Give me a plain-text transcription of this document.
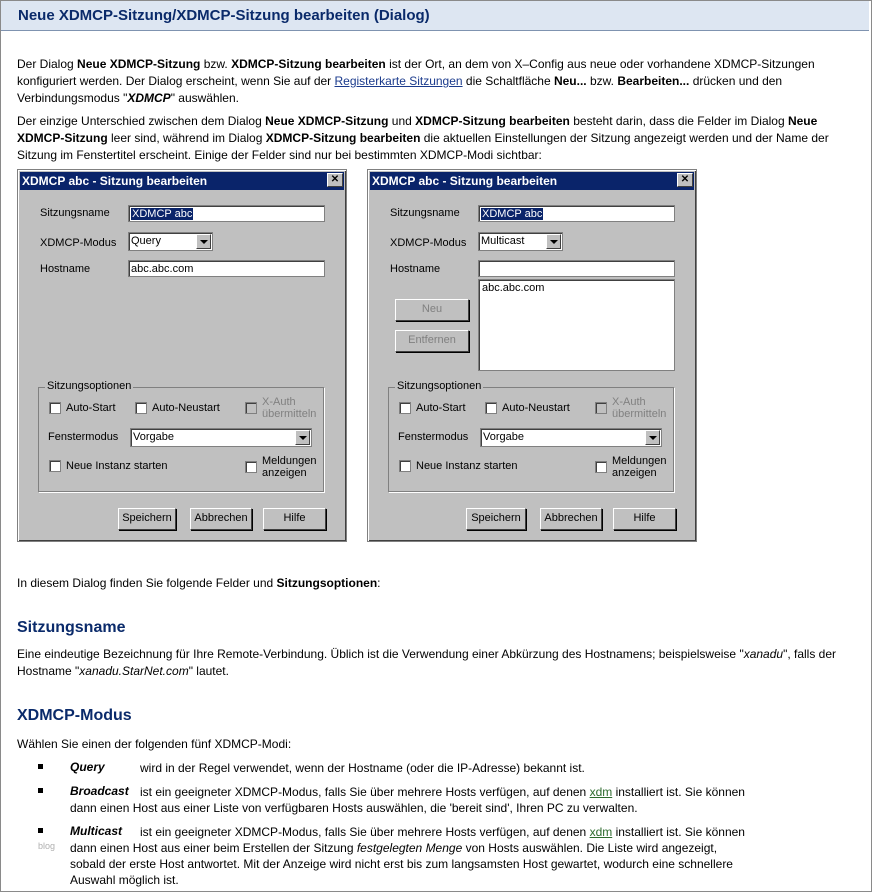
Neue XDMCP-Sitzung/XDMCP-Sitzung bearbeiten (Dialog)
Der Dialog Neue XDMCP-Sitzung bzw. XDMCP-Sitzung bearbeiten ist der Ort, an dem von X–Config aus neue oder vorhandene XDMCP-Sitzungen konfiguriert werden. Der Dialog erscheint, wenn Sie auf der Registerkarte Sitzungen die Schaltfläche Neu... bzw. Bearbeiten... drücken und den Verbindungsmodus "XDMCP" auswählen.
Der einzige Unterschied zwischen dem Dialog Neue XDMCP-Sitzung und XDMCP-Sitzung bearbeiten besteht darin, dass die Felder im Dialog Neue XDMCP-Sitzung leer sind, während im Dialog XDMCP-Sitzung bearbeiten die aktuellen Einstellungen der Sitzung angezeigt werden und der Name der Sitzung im Fenstertitel erscheint. Einige der Felder sind nur bei bestimmten XDMCP-Modi sichtbar:
XDMCP abc - Sitzung bearbeiten	✕
Sitzungsname	XDMCP abc
XDMCP-Modus Query
Hostname	abc.abc.com
Sitzungsoptionen
Auto-Start	Auto-Neustart	X-Auth übermitteln
Fenstermodus Vorgabe
Neue Instanz starten	Meldungen anzeigen
Speichern	Abbrechen	Hilfe
XDMCP abc - Sitzung bearbeiten	✕
Sitzungsname	XDMCP abc
XDMCP-Modus Multicast
Hostname
abc.abc.com
Neu
Entfernen
Sitzungsoptionen
Auto-Start	Auto-Neustart	X-Auth übermitteln
Fenstermodus Vorgabe
Neue Instanz starten	Meldungen anzeigen
Speichern	Abbrechen	Hilfe
In diesem Dialog finden Sie folgende Felder und Sitzungsoptionen:
Sitzungsname
Eine eindeutige Bezeichnung für Ihre Remote-Verbindung. Üblich ist die Verwendung einer Abkürzung des Hostnamens; beispielsweise "xanadu", falls der Hostname "xanadu.StarNet.com" lautet.
XDMCP-Modus
Wählen Sie einen der folgenden fünf XDMCP-Modi:
Query	wird in der Regel verwendet, wenn der Hostname (oder die IP-Adresse) bekannt ist.
Broadcast ist ein geeigneter XDMCP-Modus, falls Sie über mehrere Hosts verfügen, auf denen xdm installiert ist. Sie können
dann einen Host aus einer Liste von verfügbaren Hosts auswählen, die 'bereit sind', Ihren PC zu verwalten.
Multicast ist ein geeigneter XDMCP-Modus, falls Sie über mehrere Hosts verfügen, auf denen xdm installiert ist. Sie können
dann einen Host aus einer beim Erstellen der Sitzung festgelegten Menge von Hosts auswählen. Die Liste wird angezeigt,
sobald der erste Host antwortet. Mit der Anzeige wird nicht erst bis zum langsamsten Host gewartet, wodurch eine schnellere
Auswahl möglich ist.
blog
